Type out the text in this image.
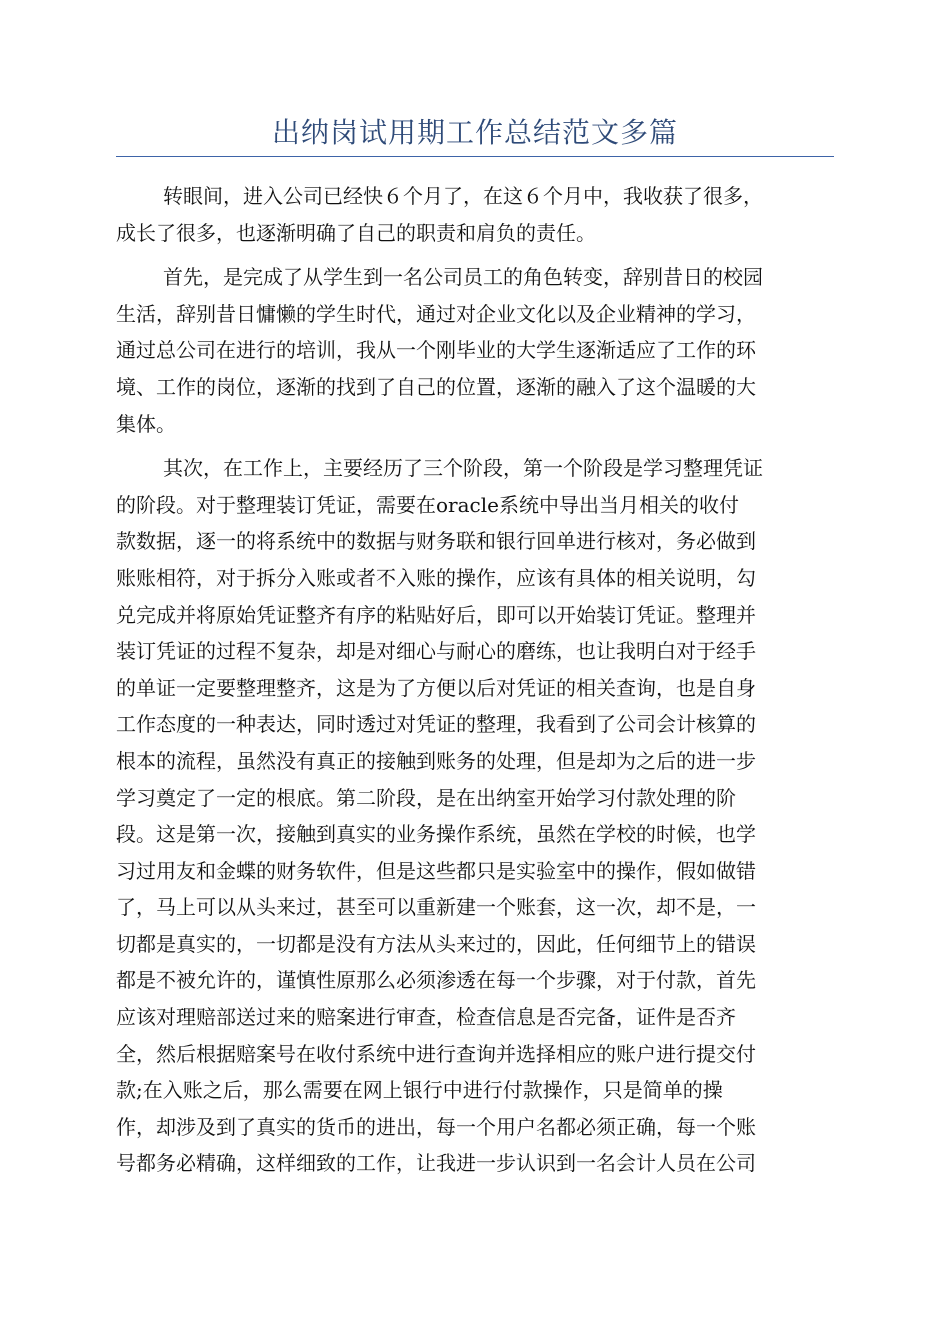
出纳岗试用期工作总结范文多篇
转眼间，进入公司已经快６个月了，在这６个月中，我收获了很多，
成长了很多，也逐渐明确了自己的职责和肩负的责任。
首先，是完成了从学生到一名公司员工的角色转变，辞别昔日的校园
生活，辞别昔日慵懒的学生时代，通过对企业文化以及企业精神的学习，
通过总公司在进行的培训，我从一个刚毕业的大学生逐渐适应了工作的环
境、工作的岗位，逐渐的找到了自己的位置，逐渐的融入了这个温暖的大
集体。
其次，在工作上，主要经历了三个阶段，第一个阶段是学习整理凭证
的阶段。对于整理装订凭证，需要在oracle系统中导出当月相关的收付
款数据，逐一的将系统中的数据与财务联和银行回单进行核对，务必做到
账账相符，对于拆分入账或者不入账的操作，应该有具体的相关说明，勾
兑完成并将原始凭证整齐有序的粘贴好后，即可以开始装订凭证。整理并
装订凭证的过程不复杂，却是对细心与耐心的磨练，也让我明白对于经手
的单证一定要整理整齐，这是为了方便以后对凭证的相关查询，也是自身
工作态度的一种表达，同时透过对凭证的整理，我看到了公司会计核算的
根本的流程，虽然没有真正的接触到账务的处理，但是却为之后的进一步
学习奠定了一定的根底。第二阶段，是在出纳室开始学习付款处理的阶
段。这是第一次，接触到真实的业务操作系统，虽然在学校的时候，也学
习过用友和金蝶的财务软件，但是这些都只是实验室中的操作，假如做错
了，马上可以从头来过，甚至可以重新建一个账套，这一次，却不是，一
切都是真实的，一切都是没有方法从头来过的，因此，任何细节上的错误
都是不被允许的，谨慎性原那么必须渗透在每一个步骤，对于付款，首先
应该对理赔部送过来的赔案进行审查，检查信息是否完备，证件是否齐
全，然后根据赔案号在收付系统中进行查询并选择相应的账户进行提交付
款;在入账之后，那么需要在网上银行中进行付款操作，只是简单的操
作，却涉及到了真实的货币的进出，每一个用户名都必须正确，每一个账
号都务必精确，这样细致的工作，让我进一步认识到一名会计人员在公司
